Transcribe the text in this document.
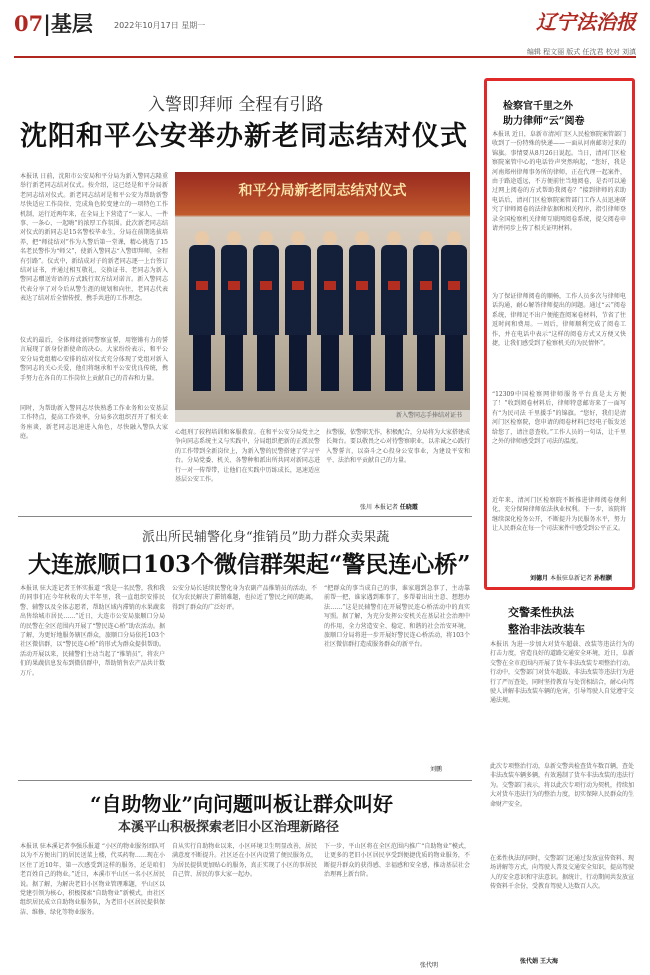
07|基层	2022年10月17日 星期一	辽宁法治报
编辑 程文丽 版式 任沈君 校对 刘滇
入警即拜师 全程有引路
沈阳和平公安举办新老同志结对仪式
本报讯 日前，沈阳市公安局和平分局为新入警同志隆重举行新老同志结对仪式。按介绍，这已经是和平分局新老同志结对仪式。新老同志结对是和平公安为帮助新警尽快适应工作岗位、完成角色转变建立的一项特色工作机制，运行近两年来，在全局上下营造了“一家人、一件事、一条心、一起嗨”的浓厚工作氛围。此次新老同志结对仪式的新同志是15名警校毕业生，分局在前期选拔培养，把“师徒结对”作为入警后第一堂课，精心挑选了15名老民警作为“师父”，使新入警同志“入警即拜师，全程有引路”。仪式中，新结成对子的新老同志逐一上台签订结对证书，并通过相互敬礼、交换证书、老同志为新入警同志赠送寄语的方式践行双方结对诺言。新入警同志代表分享了对今后从警生涯的规划和向往，老同志代表表达了结对后全情传授、携手共进的工作理念。
仪式的最后，全体师徒新同警察宣誓，用铿锵有力的誓言展现了新身份新使命的决心。大家纷纷表示，和平公安分局党组精心安排的结对仪式充分体现了党组对新入警同志的关心关爱，他们将继承和平公安优良传统，携手努力在各自的工作岗位上贡献自己的青春和力量。
同时，为帮助新入警同志尽快熟悉工作业务和公安基层工作特点，提高工作效率，分局多次组织召开了相关业务座谈，新老同志迅速进入角色，尽快融入警队大家庭。
和平分局新老同志结对仪式
新入警同志手捧结对证书
心组刑了较程培训和客服教育。在和平公安分局党主之争向同志系统主义与实践中，分局组织把新的正派民警的工作带到全新岗位上，为新入警的民警搭建了学习平台。分局党委、机关、各警种和派出所共同对新同志进行一对一传帮带，让他们在实践中历练成长，迅速适应基层公安工作。
拉警服，依警职无作，积极配合，分局将为大家搭建成长舞台。要以敬畏之心对待警察职业，以赤诚之心践行入警誓言，以奋斗之心投身公安事业，为建设平安和平、法治和平贡献自己的力量。
张川 本报记者 任晓霞
派出所民辅警化身“推销员”助力群众卖果蔬
大连旅顺口103个微信群架起“警民连心桥”
本报讯 驻大连记者王怀实报道 “我是一名民警，我和我的同事们在今年秋收的大半年里，我一直组织安排民警、辅警以及全体志愿者，帮助区域内滞销的水果蔬菜出售给城市居民……”近日，大连市公安局旅顺口分局的民警在全区范围内开展了“警民连心桥”助农活动。据了解，为更好地服务辖区群众，旅顺口分局依托103个社区微信群，以“警民连心桥”的形式为群众提供帮助。活动开展以来，民辅警们主动当起了“推销员”，将农户们的果蔬信息发布到微信群中，帮助销售农产品共计数万斤。
公安分局长延续民警化身为农副产品推销员的活动，不仅为农民解决了滞销难题，也拉近了警民之间的距离，得到了群众的广泛好评。
“把群众的事当成自己的事，谁家遇到急事了，主动靠前帮一把，谁家遇到难事了，多帮着出出主意、想想办法……”这是民辅警们在开展警民连心桥活动中的真实写照。据了解，为充分发挥公安机关在基层社会治理中的作用，全力营造安全、稳定、和谐的社会治安环境，旅顺口分局将进一步开展好警民连心桥活动，将103个社区微信群打造成服务群众的新平台。
刘鹏
“自助物业”向问题叫板让群众叫好
本溪平山积极探索老旧小区治理新路径
本报讯 驻本溪记者李强乐报道 “小区的物业服务团队可以为不方便出门的居民送菜上楼，代买药物……现在小区住了近10年，第一次感受到这样的服务，还是咱们老百姓自己的物业。”近日，本溪市平山区一名小区居民说。据了解，为解决老旧小区物业管理难题，平山区以党建引领为核心，积极探索“自助物业”新模式，由社区组织居民成立自助物业服务队，为老旧小区居民提供保洁、维修、绿化等物业服务。
自从实行自助物业以来，小区环境卫生明显改善，居民满意度不断提升。社区还在小区内设置了便民服务点，为居民提供更加贴心的服务，真正实现了小区的事居民自己管、居民的事大家一起办。
下一步，平山区将在全区范围内推广“自助物业”模式，让更多的老旧小区居民享受到便捷优质的物业服务，不断提升群众的获得感、幸福感和安全感，推动基层社会治理再上新台阶。
张代明
检察官千里之外
助力律师“云”阅卷
本报讯 近日，阜新市清河门区人民检察院案管部门收到了一份特殊的快递——一面从河南邮寄过来的锦旗。事情要从8月26日说起。当日，清河门区检察院案管中心的电话铃声突然响起，“您好，我是河南郑州律师事务所的律师，正在代理一起案件，由于路途遥远，不方便前往当地阅卷，是否可以通过网上阅卷的方式帮助我阅卷？”接到律师的求助电话后，清河门区检察院案管部门工作人员迅速研究了律师阅卷的法律依据和相关程序，指引律师登录全国检察机关律师互联网阅卷系统，提交阅卷申请并同步上传了相关证明材料。
为了保证律师阅卷的顺畅，工作人员多次与律师电话沟通，耐心解答律师提出的问题。通过“云”阅卷系统，律师足不出户便能查阅案卷材料，节省了往返时间和费用。一周后，律师顺利完成了阅卷工作，并在电话中表示“这样的阅卷方式又方便又快捷，让我们感受到了检察机关的为民情怀”。
“12309中国检察网律师服务平台真是太方便了！”收到阅卷材料后，律师特意邮寄来了一面写有“为民司法 千里援手”的锦旗。“您好，我们是清河门区检察院，您申请的阅卷材料已经电子版发送给您了，请注意查收。”工作人员的一句话，让千里之外的律师感受到了司法的温度。
近年来，清河门区检察院不断推进律师阅卷便利化，充分保障律师依法执业权利。下一步，该院将继续深化检务公开，不断提升为民服务水平，努力让人民群众在每一个司法案件中感受到公平正义。
刘德月 本报驻阜新记者 孙程颢
交警柔性执法
整治非法改装车
本报讯 为进一步加大对货车超载、改装等违法行为的打击力度，营造良好的道路交通安全环境，近日，阜新交警在全市范围内开展了货车非法改装专项整治行动。行动中，交警部门对货车超载、非法改装等违法行为进行了严厉查处，同时坚持教育与处罚相结合，耐心向驾驶人讲解非法改装车辆的危害，引导驾驶人自觉遵守交通法规。
此次专项整治行动，阜新交警共检查货车数百辆，查处非法改装车辆多辆，有效遏制了货车非法改装的违法行为。交警部门表示，将以此次专项行动为契机，持续加大对货车违法行为的整治力度，切实保障人民群众的生命财产安全。
在柔性执法的同时，交警部门还通过发放宣传资料、现场讲解等方式，向驾驶人普及交通安全知识，提高驾驶人的安全意识和守法意识。据统计，行动期间共发放宣传资料千余份，受教育驾驶人达数百人次。
张代娟 王大海
